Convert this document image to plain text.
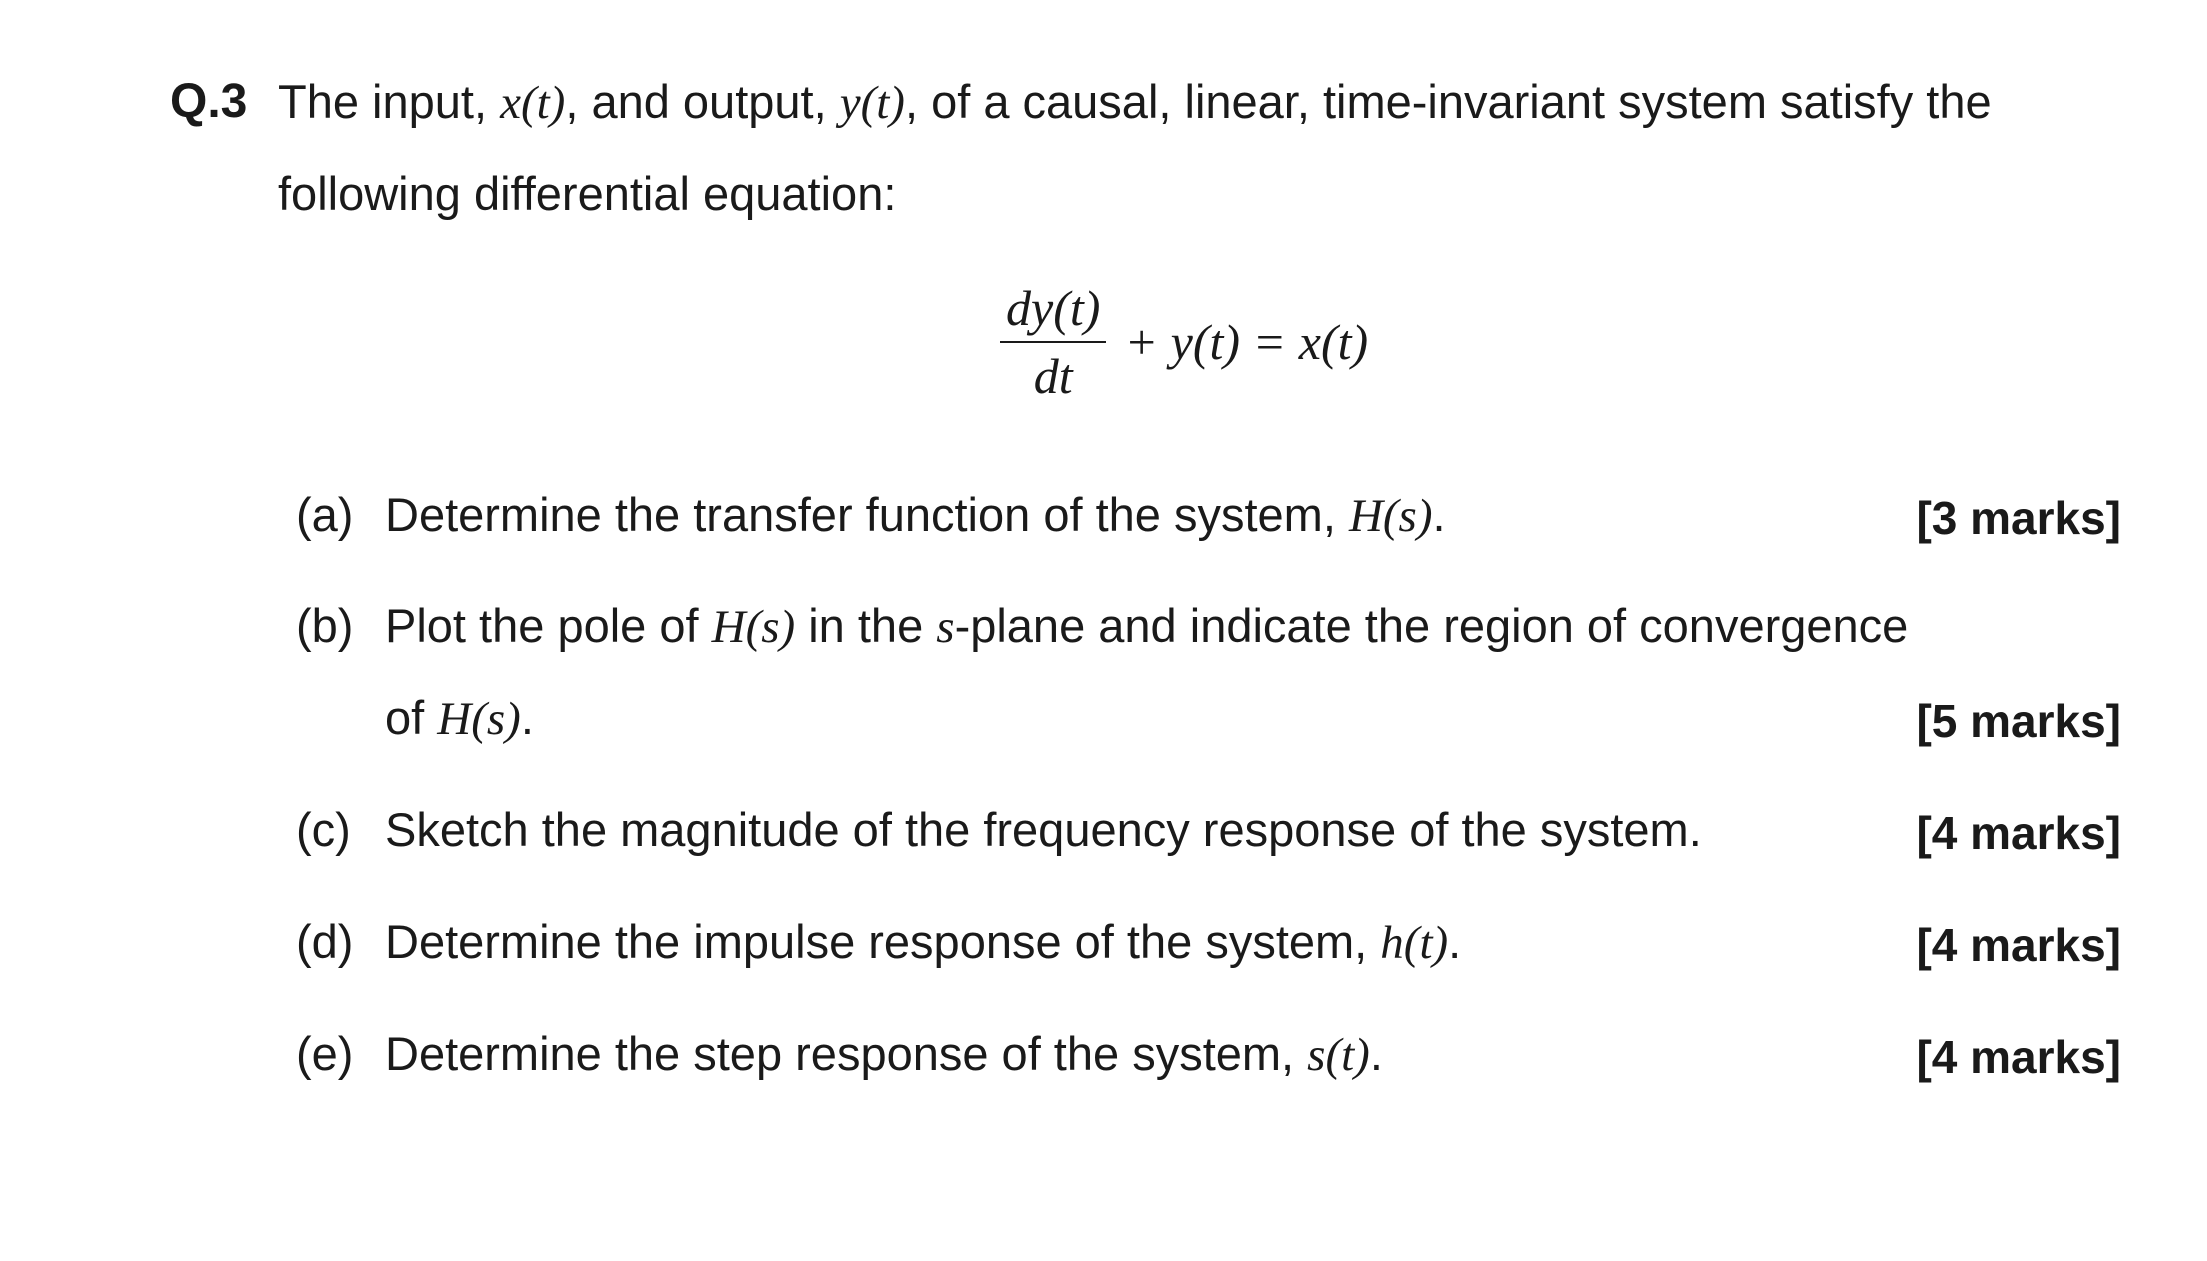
Q.3 The input, x(t), and output, y(t), of a causal, linear, time-invariant system satisfy the
following differential equation:
$\frac{dy(t)}{dt} + y(t) = x(t)$
(a) Determine the transfer function of the system, H(s).	[3 marks]
(b) Plot the pole of H(s) in the s-plane and indicate the region of convergence
of H(s).	[5 marks]
(c) Sketch the magnitude of the frequency response of the system.	[4 marks]
(d) Determine the impulse response of the system, h(t).	[4 marks]
(e) Determine the step response of the system, s(t).	[4 marks]
